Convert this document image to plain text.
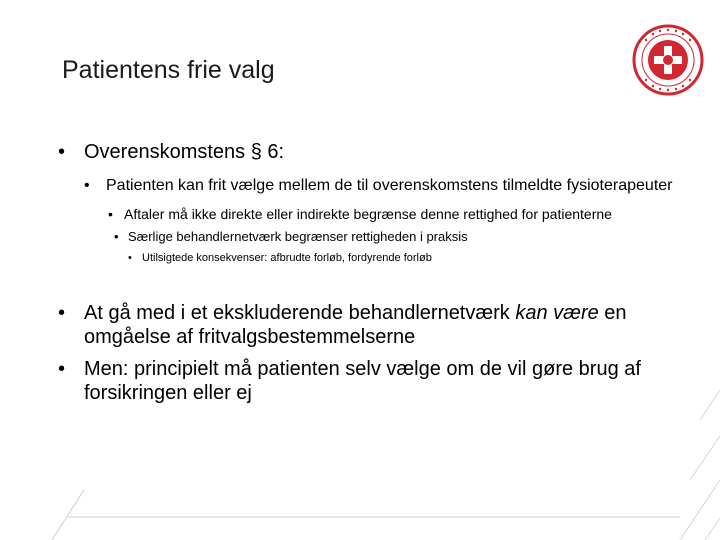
Patientens frie valg

• Overenskomstens § 6:

• Patienten kan frit vælge mellem de til overenskomstens tilmeldte fysioterapeuter

• Aftaler må ikke direkte eller indirekte begrænse denne rettighed for patienterne

• Særlige behandlernetværk begrænser rettigheden i praksis

• Utilsigtede konsekvenser: afbrudte forløb, fordyrende forløb

• At gå med i et ekskluderende behandlernetværk kan være en omgåelse af fritvalgsbestemmelserne

• Men: principielt må patienten selv vælge om de vil gøre brug af forsikringen eller ej
